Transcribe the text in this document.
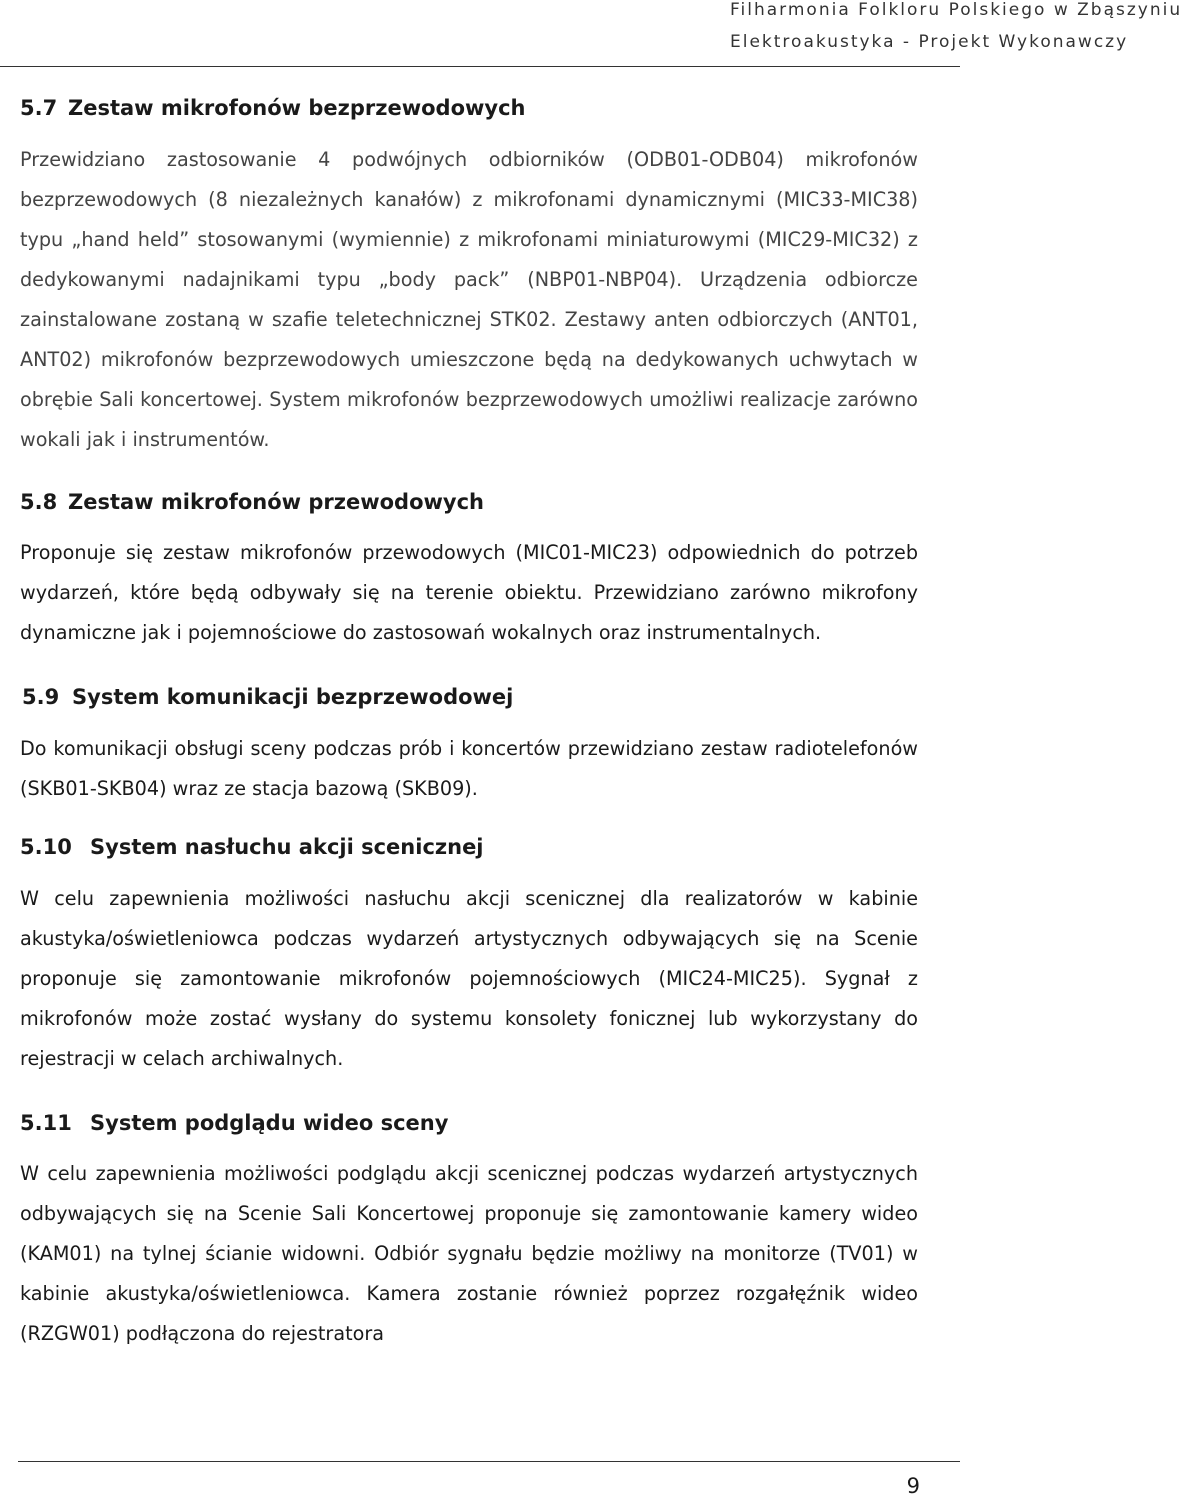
Filharmonia Folkloru Polskiego w Zbąszyniu
Elektroakustyka - Projekt Wykonawczy
5.7 Zestaw mikrofonów bezprzewodowych

Przewidziano zastosowanie 4 podwójnych odbiorników (ODB01-ODB04) mikrofonów bezprzewodowych (8 niezależnych kanałów) z mikrofonami dynamicznymi (MIC33-MIC38) typu „hand held” stosowanymi (wymiennie) z mikrofonami miniaturowymi (MIC29-MIC32) z dedykowanymi nadajnikami typu „body pack” (NBP01-NBP04). Urządzenia odbiorcze zainstalowane zostaną w szafie teletechnicznej STK02. Zestawy anten odbiorczych (ANT01, ANT02) mikrofonów bezprzewodowych umieszczone będą na dedykowanych uchwytach w obrębie Sali koncertowej. System mikrofonów bezprzewodowych umożliwi realizacje zarówno wokali jak i instrumentów.

5.8 Zestaw mikrofonów przewodowych

Proponuje się zestaw mikrofonów przewodowych (MIC01-MIC23) odpowiednich do potrzeb wydarzeń, które będą odbywały się na terenie obiektu. Przewidziano zarówno mikrofony dynamiczne jak i pojemnościowe do zastosowań wokalnych oraz instrumentalnych.

5.9 System komunikacji bezprzewodowej

Do komunikacji obsługi sceny podczas prób i koncertów przewidziano zestaw radiotelefonów (SKB01-SKB04) wraz ze stacja bazową (SKB09).

5.10 System nasłuchu akcji scenicznej

W celu zapewnienia możliwości nasłuchu akcji scenicznej dla realizatorów w kabinie akustyka/oświetleniowca podczas wydarzeń artystycznych odbywających się na Scenie proponuje się zamontowanie mikrofonów pojemnościowych (MIC24-MIC25). Sygnał z mikrofonów może zostać wysłany do systemu konsolety fonicznej lub wykorzystany do rejestracji w celach archiwalnych.

5.11 System podglądu wideo sceny

W celu zapewnienia możliwości podglądu akcji scenicznej podczas wydarzeń artystycznych odbywających się na Scenie Sali Koncertowej proponuje się zamontowanie kamery wideo (KAM01) na tylnej ścianie widowni. Odbiór sygnału będzie możliwy na monitorze (TV01) w kabinie akustyka/oświetleniowca. Kamera zostanie również poprzez rozgałęźnik wideo (RZGW01) podłączona do rejestratora

9
